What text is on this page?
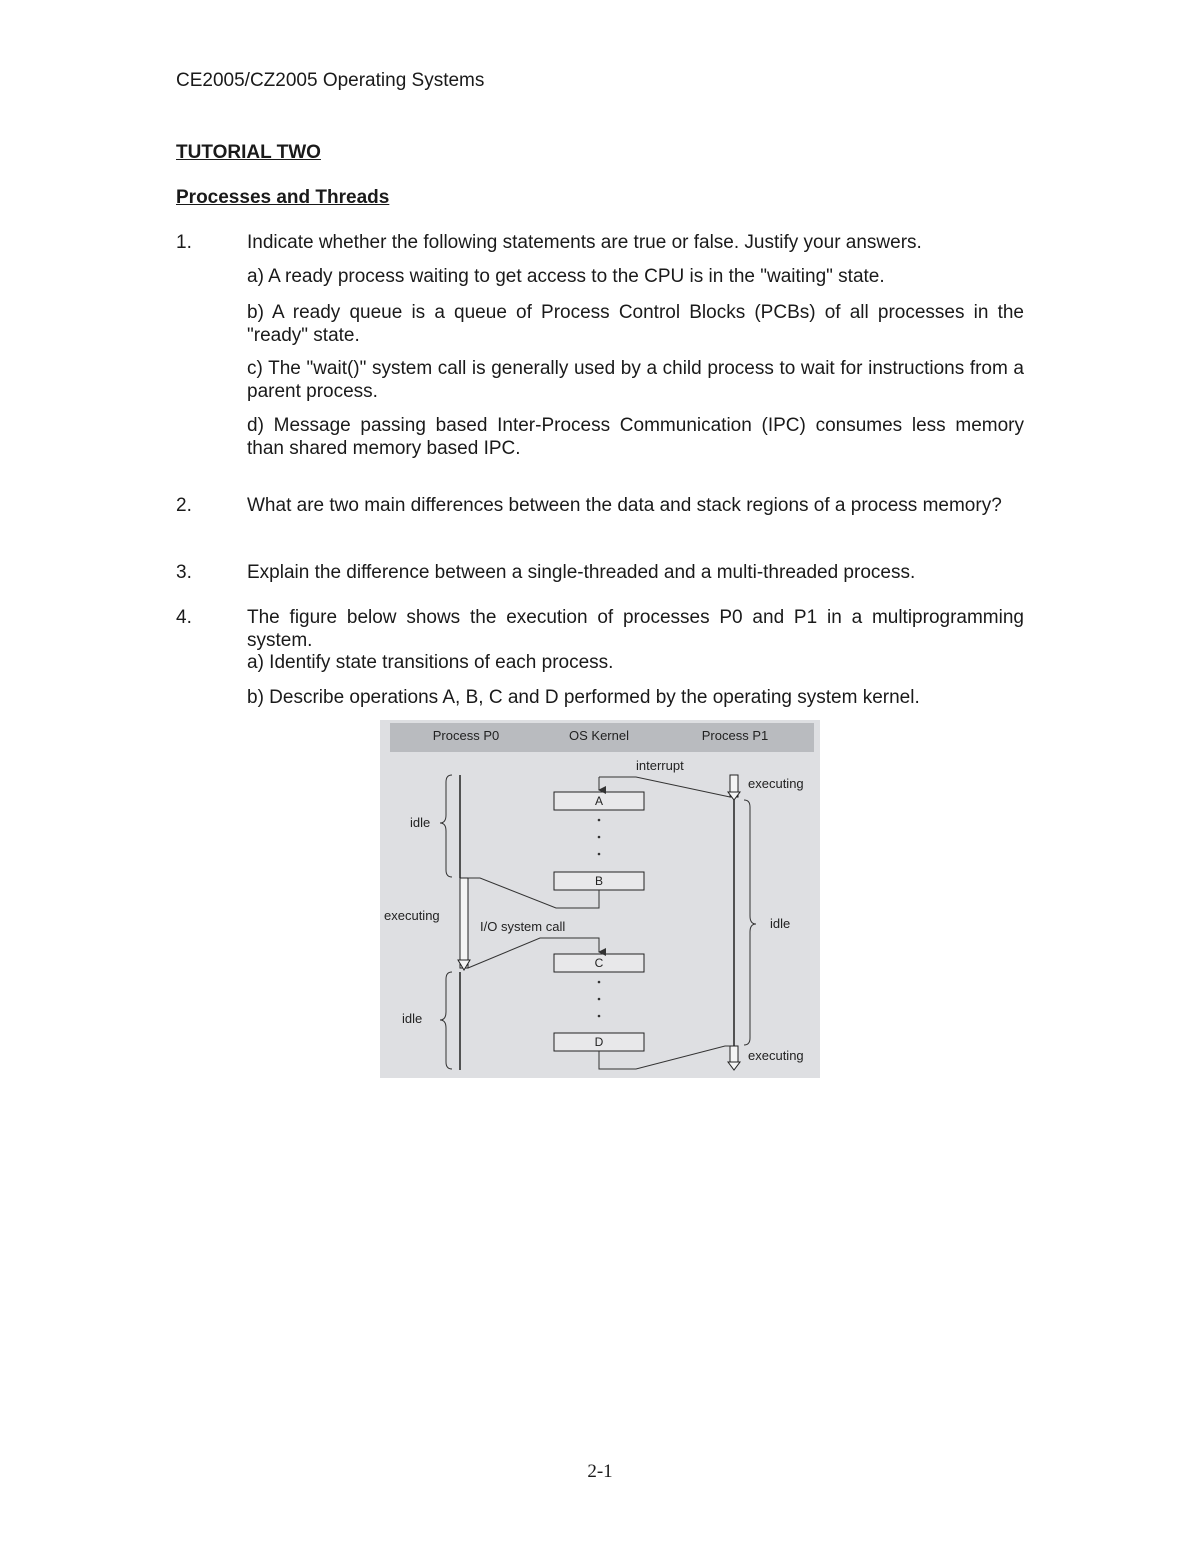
CE2005/CZ2005 Operating Systems
TUTORIAL TWO
Processes and Threads
1.	Indicate whether the following statements are true or false. Justify your answers.
a) A ready process waiting to get access to the CPU is in the "waiting" state.
b) A ready queue is a queue of Process Control Blocks (PCBs) of all processes in the "ready" state.
c) The "wait()" system call is generally used by a child process to wait for instructions from a parent process.
d) Message passing based Inter-Process Communication (IPC) consumes less memory than shared memory based IPC.
2.	What are two main differences between the data and stack regions of a process memory?
3.	Explain the difference between a single-threaded and a multi-threaded process.
4.	The figure below shows the execution of processes P0 and P1 in a multiprogramming system.
a) Identify state transitions of each process.
b) Describe operations A, B, C and D performed by the operating system kernel.
Process P0	OS Kernel	Process P1
idle
executing
idle
executing
idle
executing
A
B
C
D
interrupt
I/O system call
2-1
